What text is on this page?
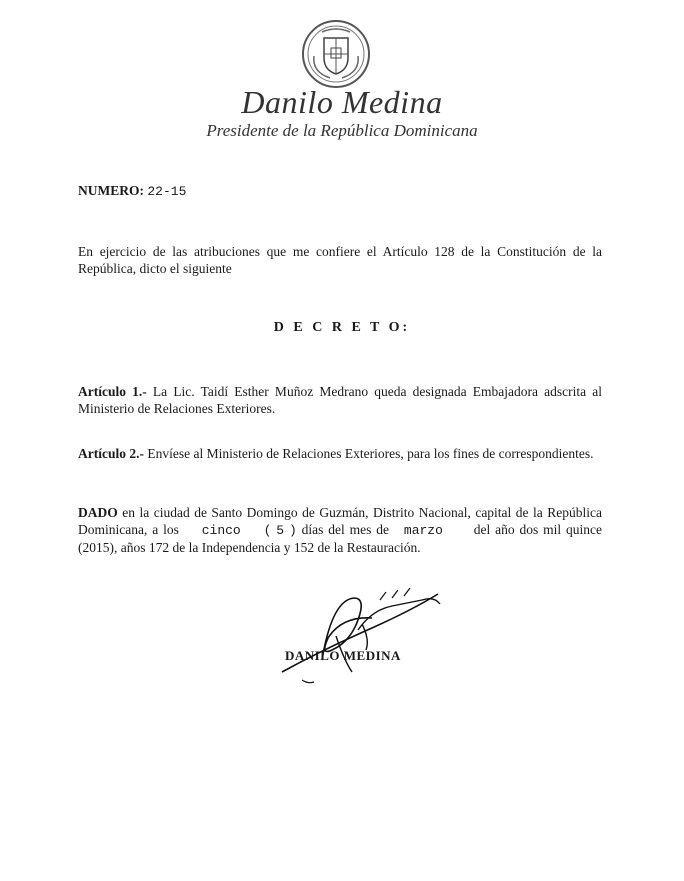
Danilo Medina
Presidente de la República Dominicana
NUMERO: 22-15
En ejercicio de las atribuciones que me confiere el Artículo 128 de la Constitución de la República, dicto el siguiente
D E C R E T O:
Artículo 1.- La Lic. Taidí Esther Muñoz Medrano queda designada Embajadora adscrita al Ministerio de Relaciones Exteriores.
Artículo 2.- Envíese al Ministerio de Relaciones Exteriores, para los fines de correspondientes.
DADO en la ciudad de Santo Domingo de Guzmán, Distrito Nacional, capital de la República Dominicana, a los cinco ( 5 ) días del mes de marzo del año dos mil quince (2015), años 172 de la Independencia y 152 de la Restauración.
DANILO MEDINA
